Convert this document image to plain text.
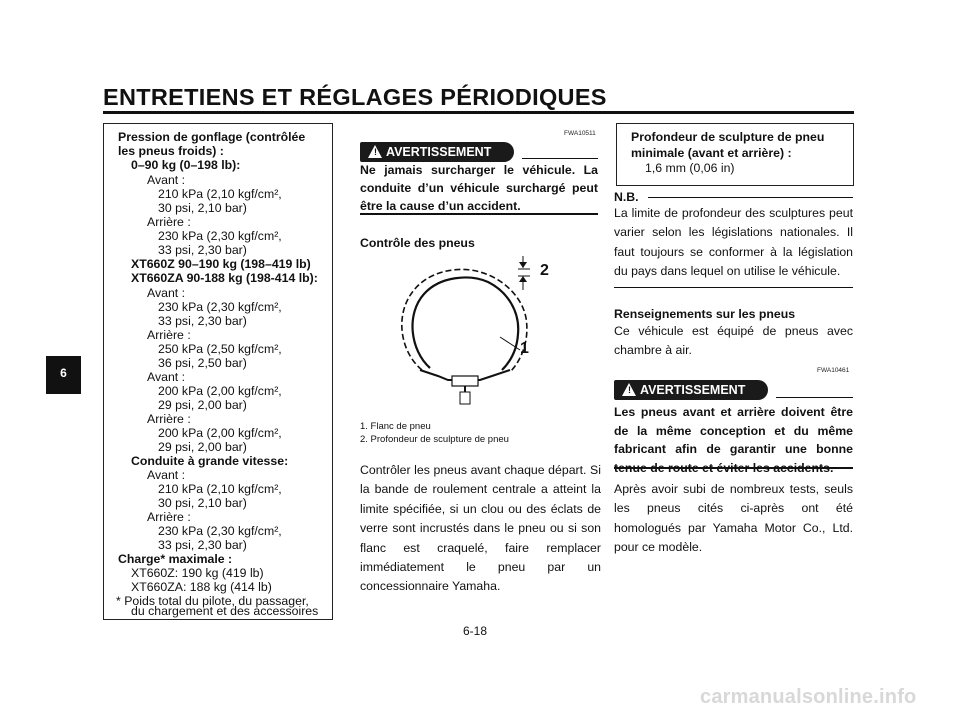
ENTRETIENS ET RÉGLAGES PÉRIODIQUES
6
Pression de gonflage (contrôlée
les pneus froids) :
0–90 kg (0–198 lb):
Avant :
210 kPa (2,10 kgf/cm²,
30 psi, 2,10 bar)
Arrière :
230 kPa (2,30 kgf/cm²,
33 psi, 2,30 bar)
XT660Z 90–190 kg (198–419 lb)
XT660ZA 90-188 kg (198-414 lb):
Avant :
230 kPa (2,30 kgf/cm²,
33 psi, 2,30 bar)
Arrière :
250 kPa (2,50 kgf/cm²,
36 psi, 2,50 bar)
Avant :
200 kPa (2,00 kgf/cm²,
29 psi, 2,00 bar)
Arrière :
200 kPa (2,00 kgf/cm²,
29 psi, 2,00 bar)
Conduite à grande vitesse:
Avant :
210 kPa (2,10 kgf/cm²,
30 psi, 2,10 bar)
Arrière :
230 kPa (2,30 kgf/cm²,
33 psi, 2,30 bar)
Charge* maximale :
XT660Z: 190 kg (419 lb)
XT660ZA: 188 kg (414 lb)
* Poids total du pilote, du passager,
du chargement et des accessoires
FWA10511
! AVERTISSEMENT
Ne jamais surcharger le véhicule. La conduite d’un véhicule surchargé peut être la cause d’un accident.
Contrôle des pneus
2
1
1. Flanc de pneu
2. Profondeur de sculpture de pneu
Contrôler les pneus avant chaque départ. Si la bande de roulement centrale a atteint la limite spécifiée, si un clou ou des éclats de verre sont incrustés dans le pneu ou si son flanc est craquelé, faire remplacer immédiatement le pneu par un concessionnaire Yamaha.
Profondeur de sculpture de pneu
minimale (avant et arrière) :
1,6 mm (0,06 in)
N.B.
La limite de profondeur des sculptures peut varier selon les législations nationales. Il faut toujours se conformer à la législation du pays dans lequel on utilise le véhicule.
Renseignements sur les pneus
Ce véhicule est équipé de pneus avec chambre à air.
FWA10461
! AVERTISSEMENT
Les pneus avant et arrière doivent être de la même conception et du même fabricant afin de garantir une bonne
Après avoir subi de nombreux tests, seuls les pneus cités ci-après ont été homologués par Yamaha Motor Co., Ltd. pour ce modèle.
6-18
carmanualsonline.info
